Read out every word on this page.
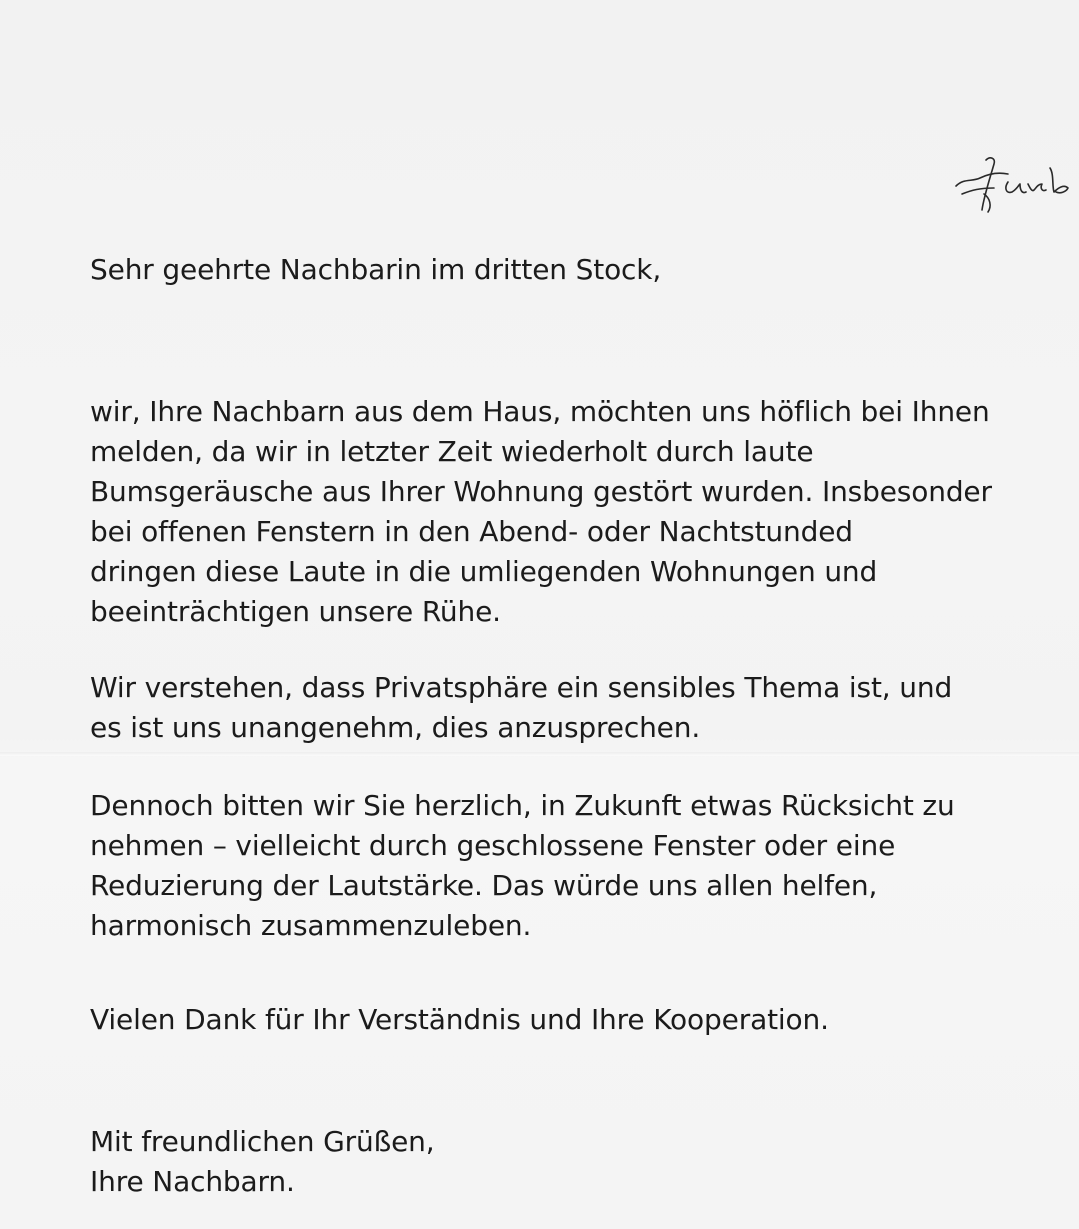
Sehr geehrte Nachbarin im dritten Stock,

wir, Ihre Nachbarn aus dem Haus, möchten uns höflich bei Ihnen

melden, da wir in letzter Zeit wiederholt durch laute

Bumsgeräusche aus Ihrer Wohnung gestört wurden. Insbesonder

bei offenen Fenstern in den Abend- oder Nachtstunded

dringen diese Laute in die umliegenden Wohnungen und

beeinträchtigen unsere Rühe.

Wir verstehen, dass Privatsphäre ein sensibles Thema ist, und

es ist uns unangenehm, dies anzusprechen.

Dennoch bitten wir Sie herzlich, in Zukunft etwas Rücksicht zu

nehmen – vielleicht durch geschlossene Fenster oder eine

Reduzierung der Lautstärke. Das würde uns allen helfen,

harmonisch zusammenzuleben.

Vielen Dank für Ihr Verständnis und Ihre Kooperation.

Mit freundlichen Grüßen,

Ihre Nachbarn.
